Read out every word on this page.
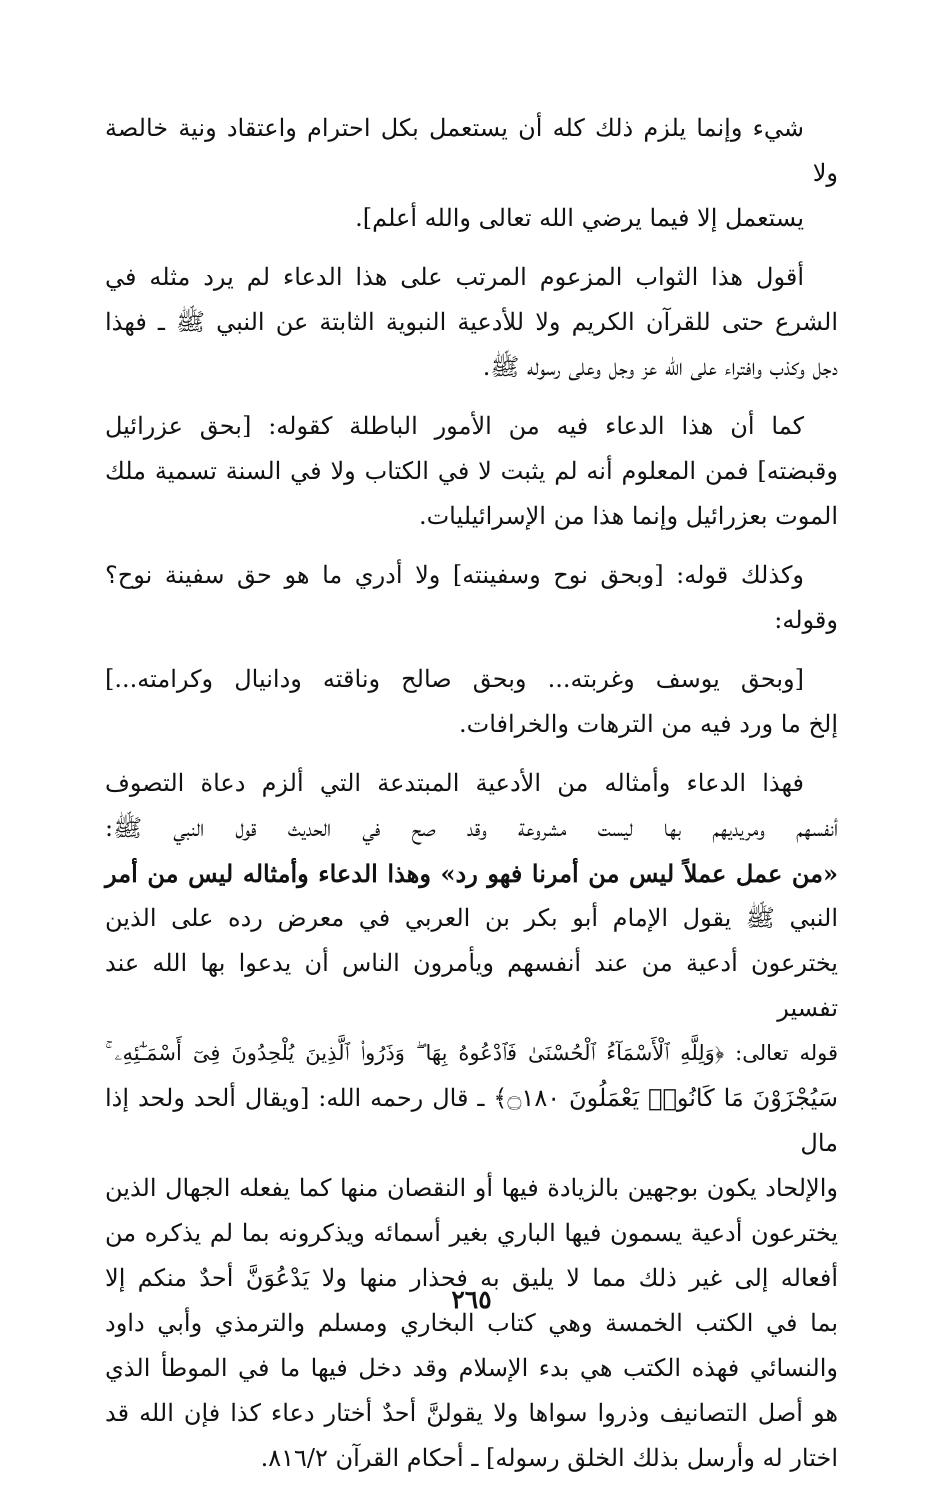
شيء وإنما يلزم ذلك كله أن يستعمل بكل احترام واعتقاد ونية خالصة ولا
يستعمل إلا فيما يرضي الله تعالى والله أعلم].

أقول هذا الثواب المزعوم المرتب على هذا الدعاء لم يرد مثله في
الشرع حتى للقرآن الكريم ولا للأدعية النبوية الثابتة عن النبي ﷺ ـ فهذا
دجل وكذب وافتراء على الله عز وجل وعلى رسوله ﷺ.

كما أن هذا الدعاء فيه من الأمور الباطلة كقوله: [بحق عزرائيل
وقبضته] فمن المعلوم أنه لم يثبت لا في الكتاب ولا في السنة تسمية ملك
الموت بعزرائيل وإنما هذا من الإسرائيليات.

وكذلك قوله: [وبحق نوح وسفينته] ولا أدري ما هو حق سفينة نوح؟
وقوله:

[وبحق يوسف وغربته... وبحق صالح وناقته ودانيال وكرامته...]
إلخ ما ورد فيه من الترهات والخرافات.

فهذا الدعاء وأمثاله من الأدعية المبتدعة التي ألزم دعاة التصوف
أنفسهم ومريديهم بها ليست مشروعة وقد صح في الحديث قول النبي ﷺ:
«من عمل عملاً ليس من أمرنا فهو رد» وهذا الدعاء وأمثاله ليس من أمر
النبي ﷺ يقول الإمام أبو بكر بن العربي في معرض رده على الذين
يخترعون أدعية من عند أنفسهم ويأمرون الناس أن يدعوا بها الله عند تفسير
قوله تعالى: ﴿وَلِلَّهِ ٱلْأَسْمَآءُ ٱلْحُسْنَىٰ فَٱدْعُوهُ بِهَا ۖ وَذَرُوا۟ ٱلَّذِينَ يُلْحِدُونَ فِىٓ أَسْمَـٰٓئِهِۦ ۚ
سَيُجْزَوْنَ مَا كَانُوا۟ يَعْمَلُونَ ۝١٨٠﴾ ـ قال رحمه الله: [ويقال ألحد ولحد إذا مال
والإلحاد يكون بوجهين بالزيادة فيها أو النقصان منها كما يفعله الجهال الذين
يخترعون أدعية يسمون فيها الباري بغير أسمائه ويذكرونه بما لم يذكره من
أفعاله إلى غير ذلك مما لا يليق به فحذار منها ولا يَدْعُوَنَّ أحدٌ منكم إلا
بما في الكتب الخمسة وهي كتاب البخاري ومسلم والترمذي وأبي داود
والنسائي فهذه الكتب هي بدء الإسلام وقد دخل فيها ما في الموطأ الذي
هو أصل التصانيف وذروا سواها ولا يقولنَّ أحدٌ أختار دعاء كذا فإن الله قد
اختار له وأرسل بذلك الخلق رسوله] ـ أحكام القرآن ٨١٦/٢.

٢٦٥
